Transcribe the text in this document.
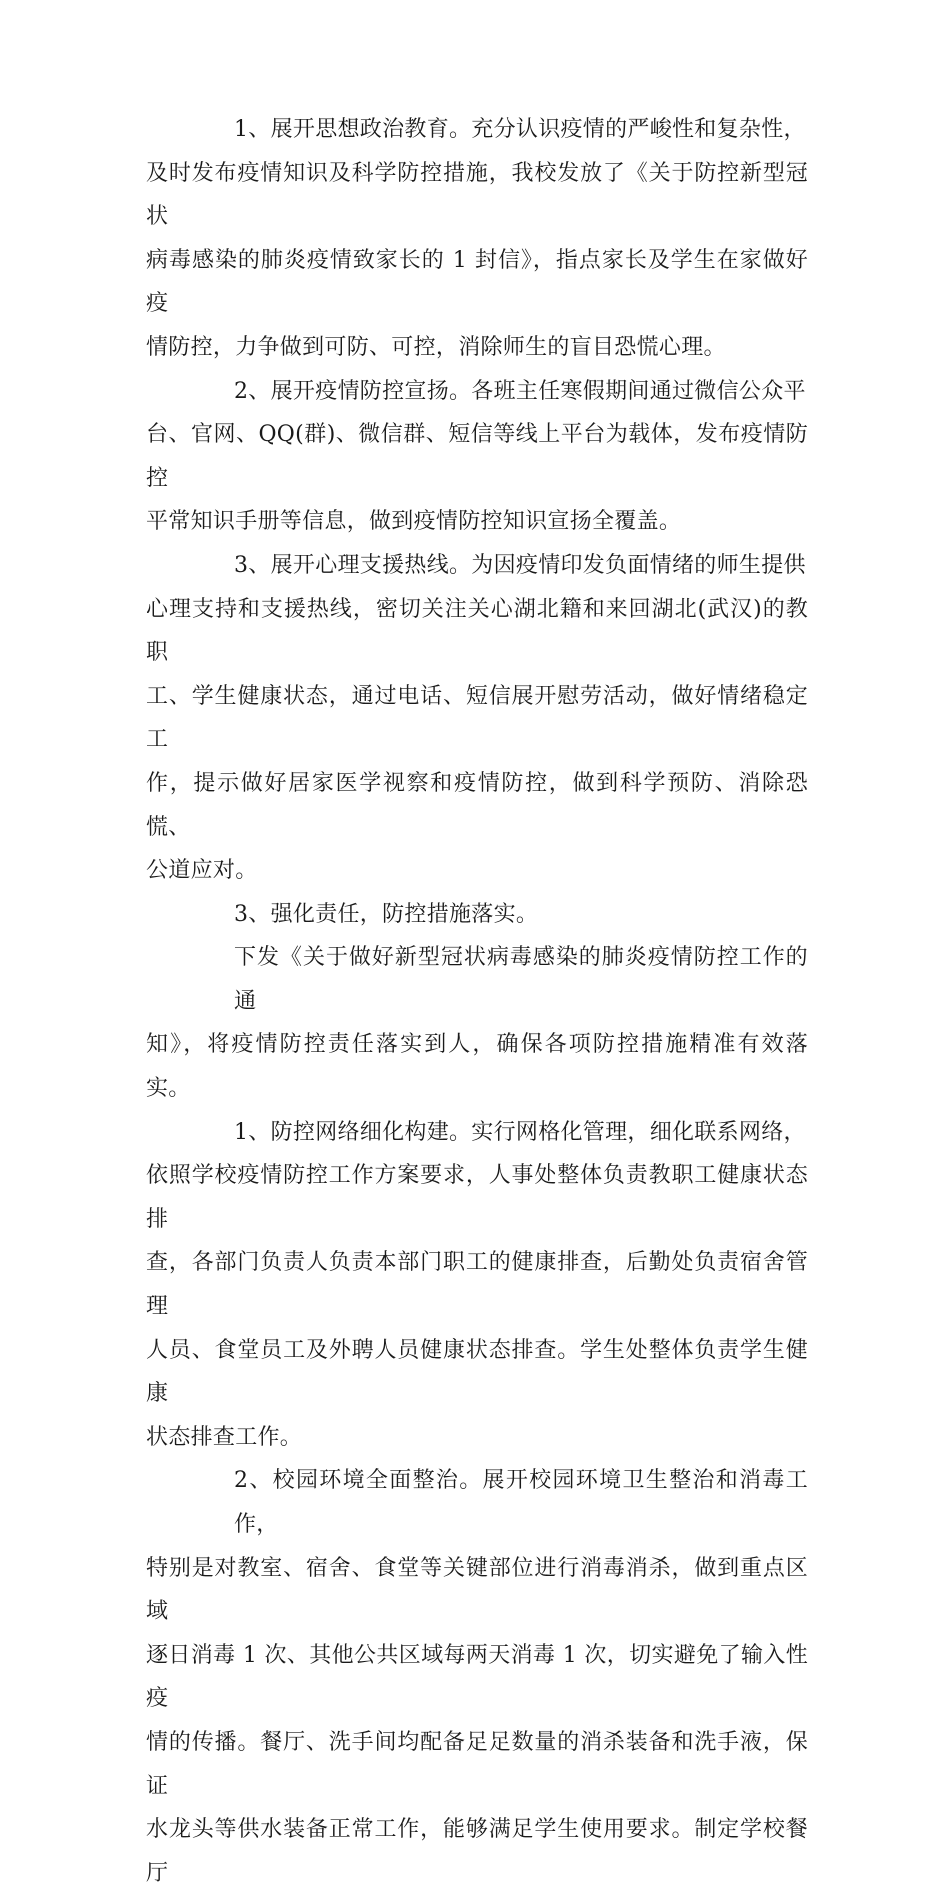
1、展开思想政治教育。充分认识疫情的严峻性和复杂性，
及时发布疫情知识及科学防控措施，我校发放了《关于防控新型冠状
病毒感染的肺炎疫情致家长的 1 封信》，指点家长及学生在家做好疫
情防控，力争做到可防、可控，消除师生的盲目恐慌心理。

2、展开疫情防控宣扬。各班主任寒假期间通过微信公众平
台、官网、QQ(群)、微信群、短信等线上平台为载体，发布疫情防控
平常知识手册等信息，做到疫情防控知识宣扬全覆盖。

3、展开心理支援热线。为因疫情印发负面情绪的师生提供
心理支持和支援热线，密切关注关心湖北籍和来回湖北(武汉)的教职
工、学生健康状态，通过电话、短信展开慰劳活动，做好情绪稳定工
作，提示做好居家医学视察和疫情防控，做到科学预防、消除恐慌、
公道应对。

3、强化责任，防控措施落实。

下发《关于做好新型冠状病毒感染的肺炎疫情防控工作的通
知》，将疫情防控责任落实到人，确保各项防控措施精准有效落 实。

1、防控网络细化构建。实行网格化管理，细化联系网络，
依照学校疫情防控工作方案要求，人事处整体负责教职工健康状态排
查，各部门负责人负责本部门职工的健康排查，后勤处负责宿舍管理
人员、食堂员工及外聘人员健康状态排查。学生处整体负责学生健康
状态排查工作。

2、校园环境全面整治。展开校园环境卫生整治和消毒工作，
特别是对教室、宿舍、食堂等关键部位进行消毒消杀，做到重点区域
逐日消毒 1 次、其他公共区域每两天消毒 1 次，切实避免了输入性疫
情的传播。餐厅、洗手间均配备足足数量的消杀装备和洗手液，保证
水龙头等供水装备正常工作，能够满足学生使用要求。制定学校餐厅
